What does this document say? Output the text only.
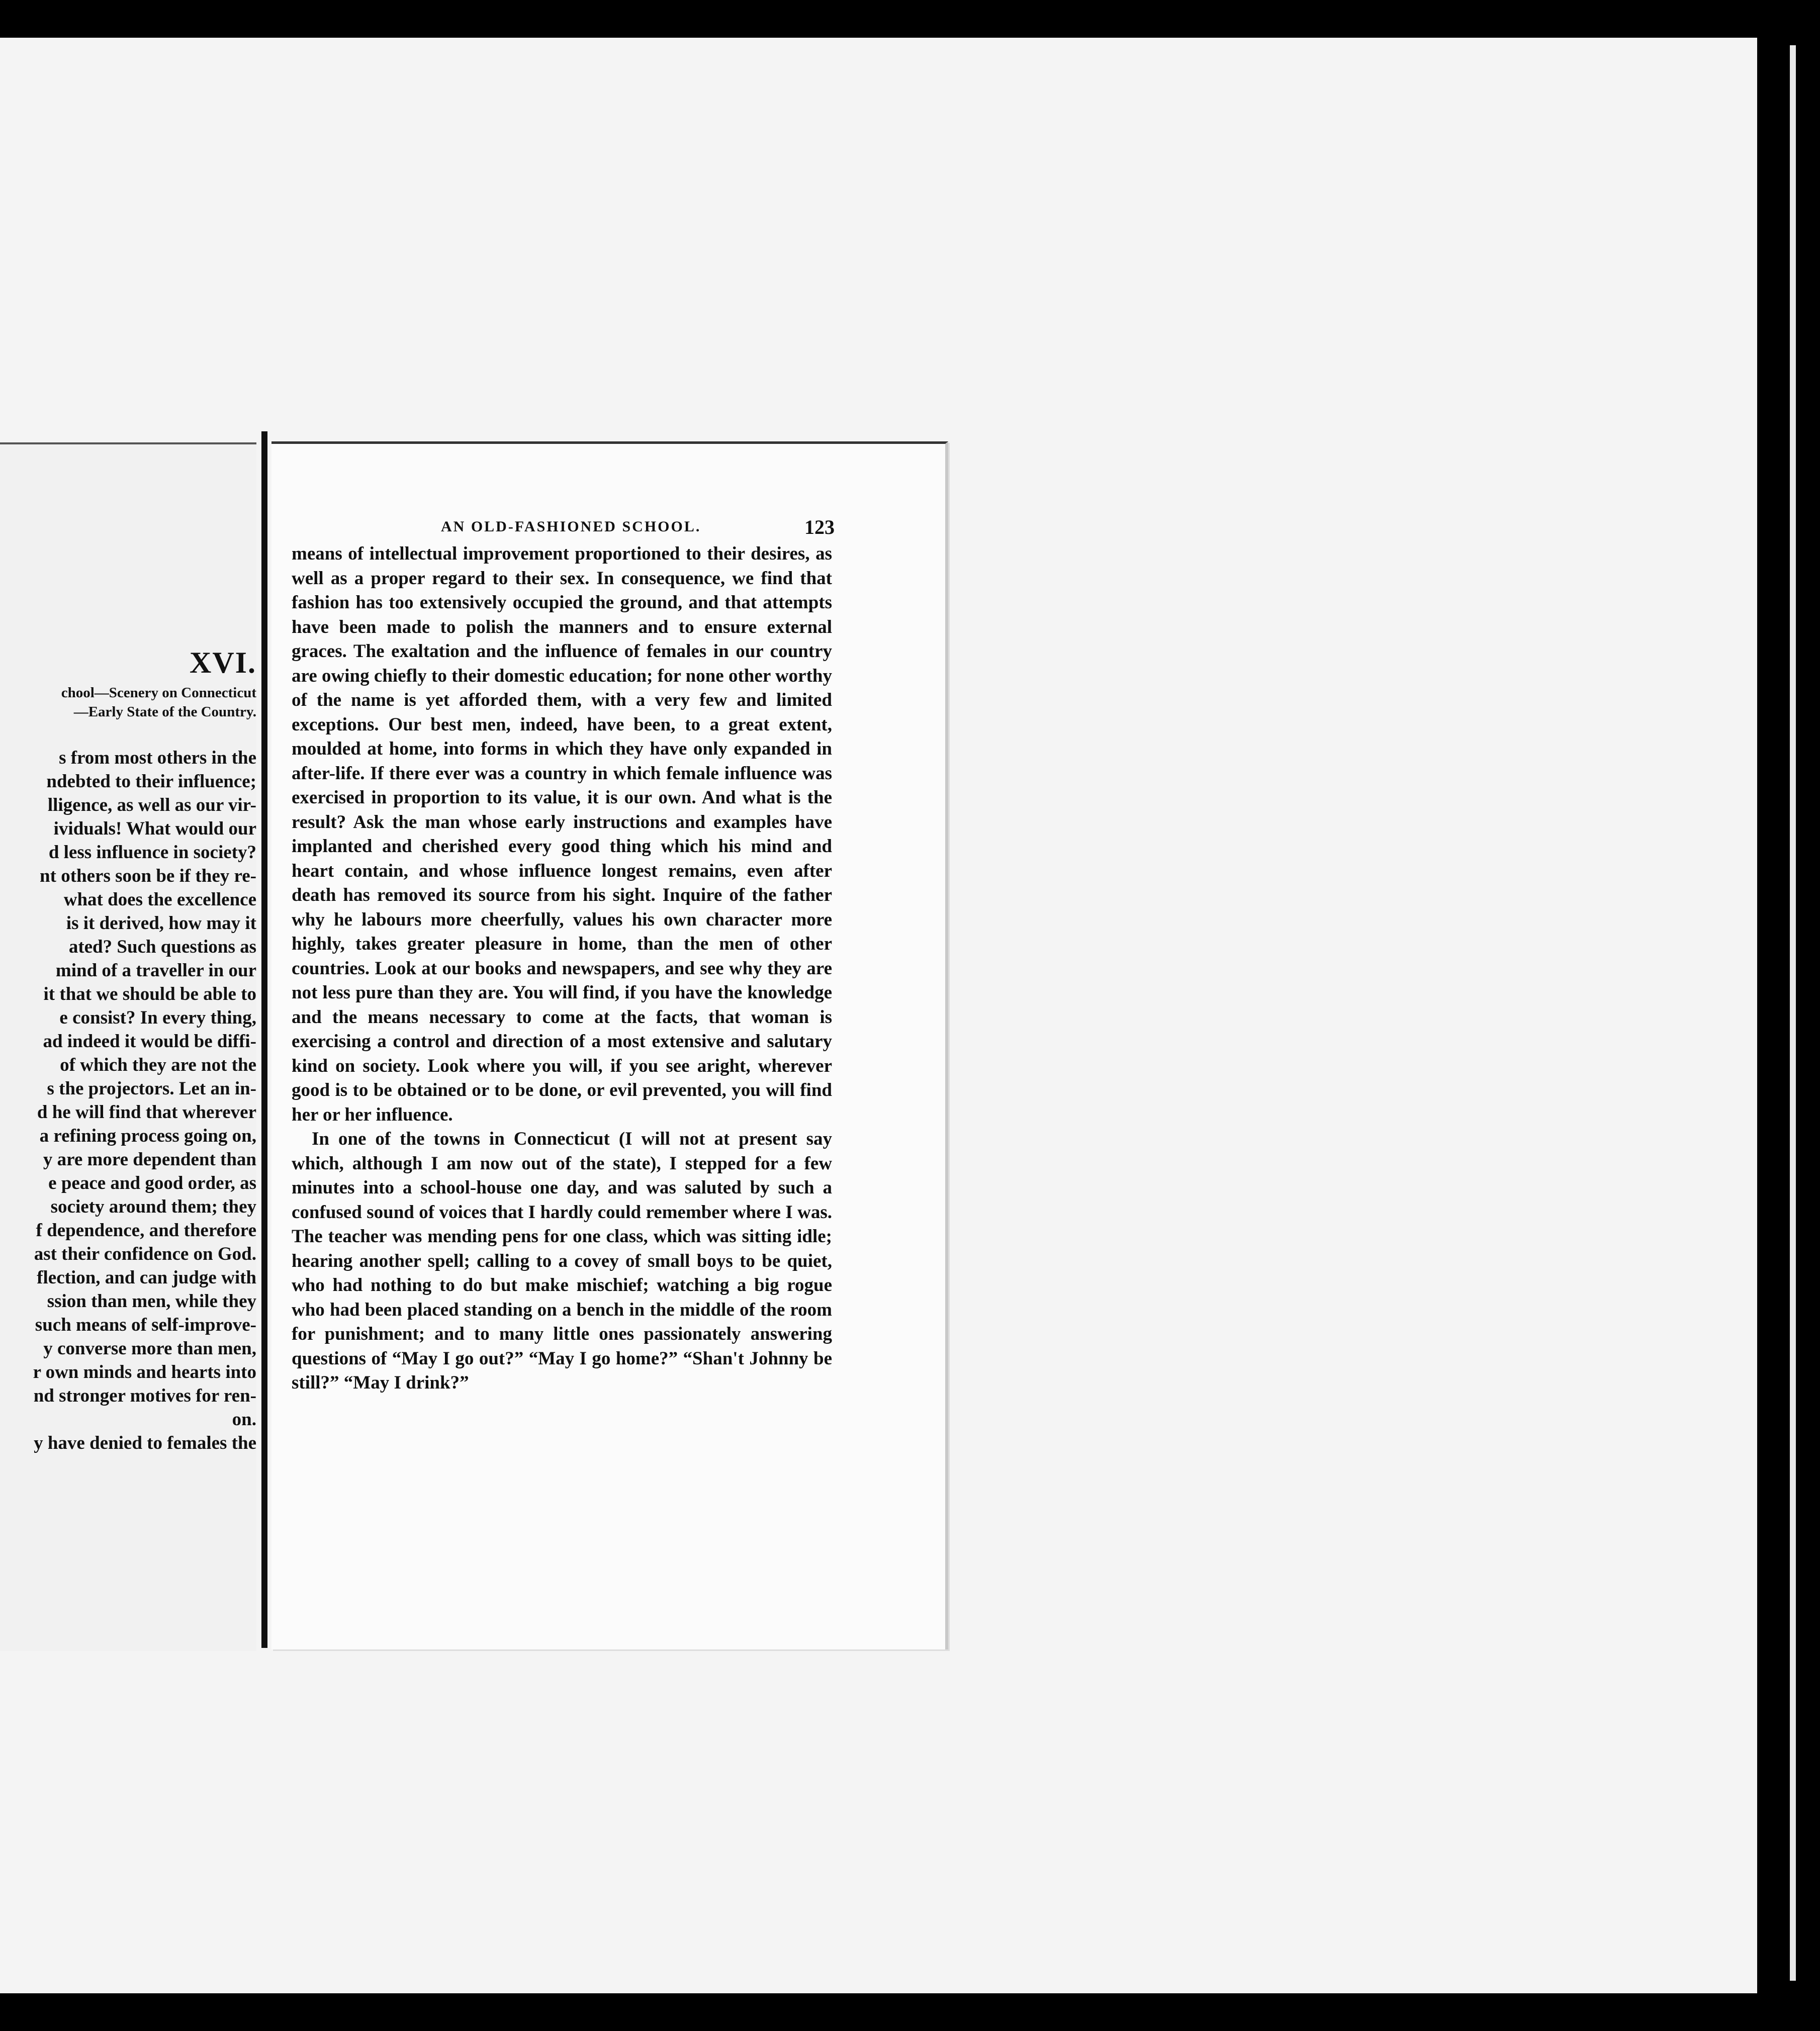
XVI.
chool—Scenery on Connecticut
—Early State of the Country.
s from most others in the
ndebted to their influence;
lligence, as well as our vir-
ividuals! What would our
d less influence in society?
nt others soon be if they re-
what does the excellence
is it derived, how may it
ated? Such questions as
mind of a traveller in our
it that we should be able to
e consist? In every thing,
ad indeed it would be diffi-
of which they are not the
s the projectors. Let an in-
d he will find that wherever
a refining process going on,
y are more dependent than
e peace and good order, as
society around them; they
f dependence, and therefore
ast their confidence on God.
flection, and can judge with
ssion than men, while they
such means of self-improve-
y converse more than men,
r own minds and hearts into
nd stronger motives for ren-
on.
y have denied to females the
AN OLD-FASHIONED SCHOOL.	123

means of intellectual improvement proportioned to their desires, as well as a proper regard to their sex. In consequence, we find that fashion has too extensively occupied the ground, and that attempts have been made to polish the manners and to ensure external graces. The exaltation and the influence of females in our country are owing chiefly to their domestic education; for none other worthy of the name is yet afforded them, with a very few and limited exceptions. Our best men, indeed, have been, to a great extent, moulded at home, into forms in which they have only expanded in after-life. If there ever was a country in which female influence was exercised in proportion to its value, it is our own. And what is the result? Ask the man whose early instructions and examples have implanted and cherished every good thing which his mind and heart contain, and whose influence longest remains, even after death has removed its source from his sight. Inquire of the father why he labours more cheerfully, values his own character more highly, takes greater pleasure in home, than the men of other countries. Look at our books and newspapers, and see why they are not less pure than they are. You will find, if you have the knowledge and the means necessary to come at the facts, that woman is exercising a control and direction of a most extensive and salutary kind on society. Look where you will, if you see aright, wherever good is to be obtained or to be done, or evil prevented, you will find her or her influence.

In one of the towns in Connecticut (I will not at present say which, although I am now out of the state), I stepped for a few minutes into a school-house one day, and was saluted by such a confused sound of voices that I hardly could remember where I was. The teacher was mending pens for one class, which was sitting idle; hearing another spell; calling to a covey of small boys to be quiet, who had nothing to do but make mischief; watching a big rogue who had been placed standing on a bench in the middle of the room for punishment; and to many little ones passionately answering questions of “May I go out?” “May I go home?” “Shan't Johnny be still?” “May I drink?”
